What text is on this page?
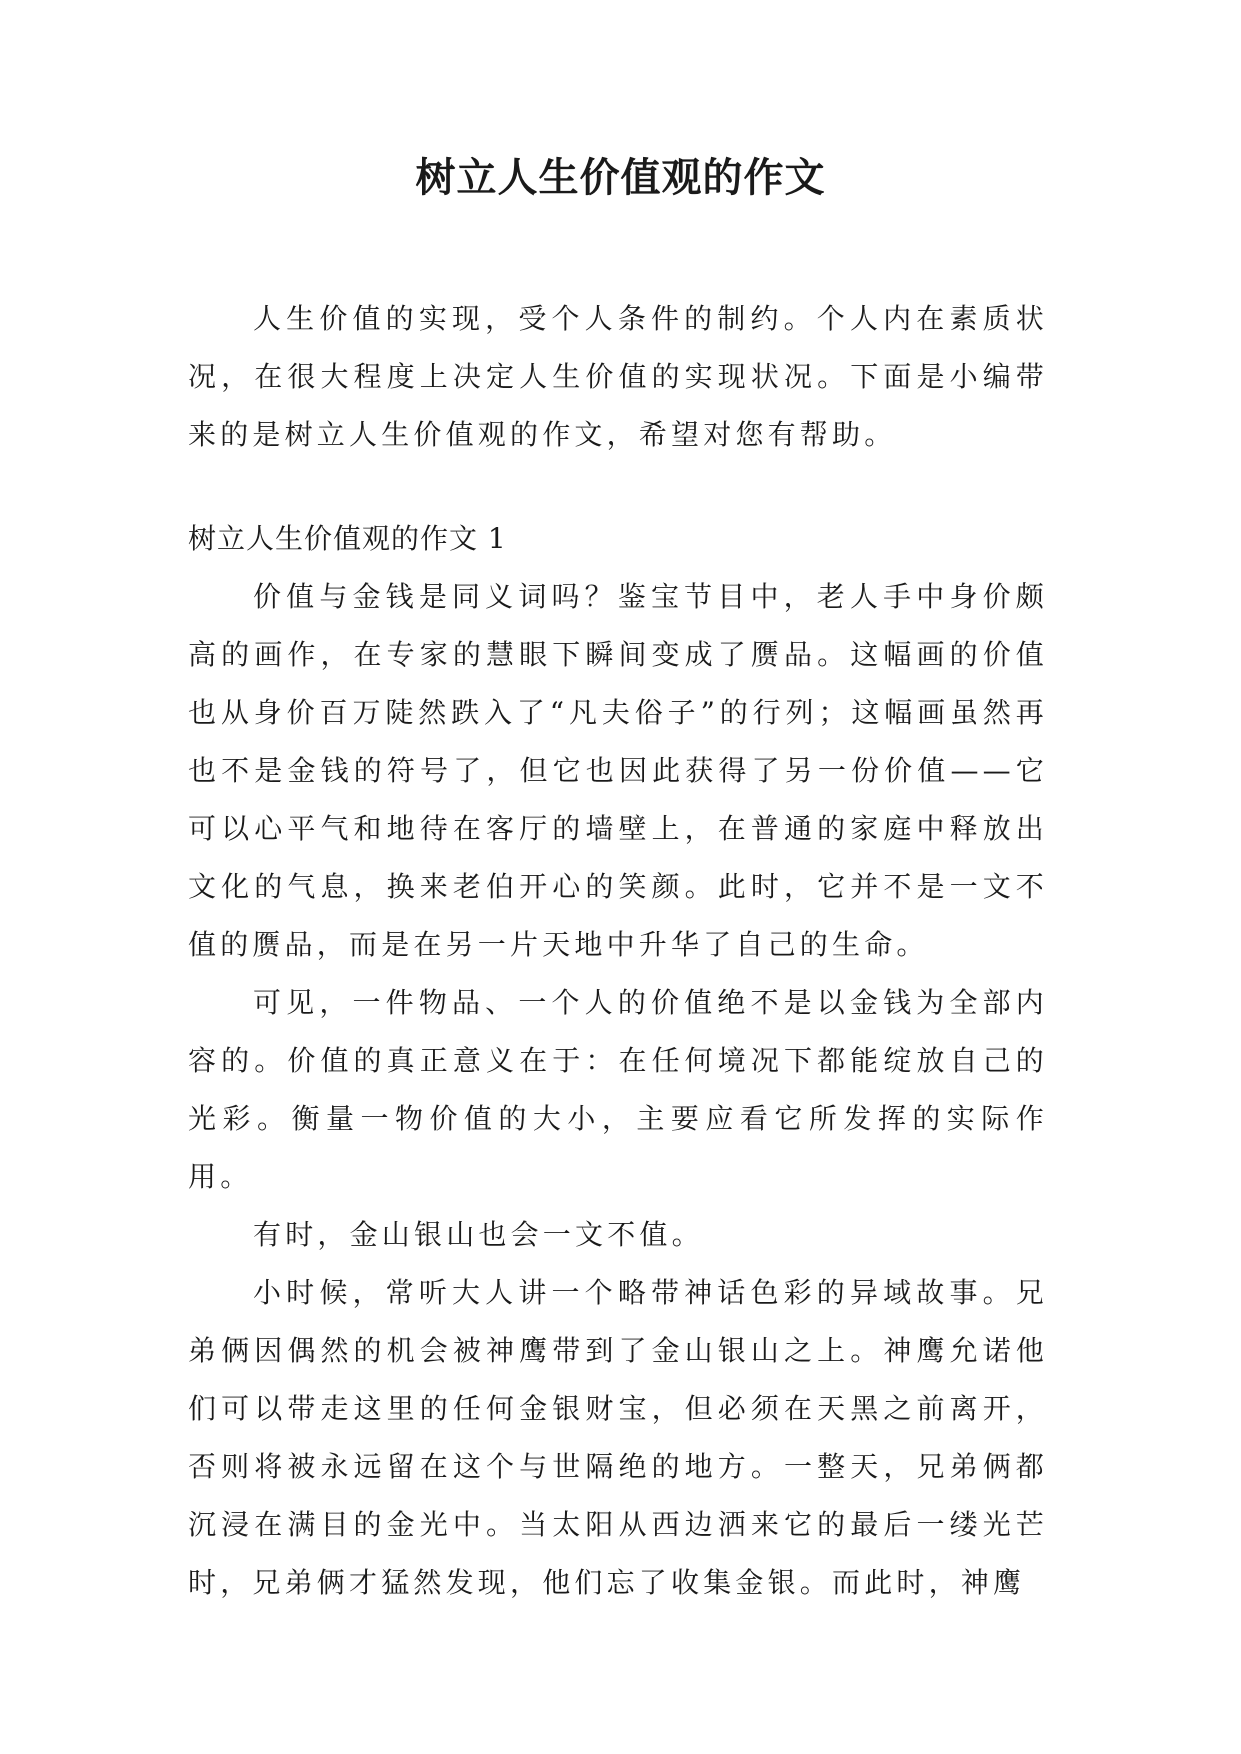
树立人生价值观的作文

人生价值的实现，受个人条件的制约。个人内在素质状况，在很大程度上决定人生价值的实现状况。下面是小编带来的是树立人生价值观的作文，希望对您有帮助。

树立人生价值观的作文 1

价值与金钱是同义词吗？鉴宝节目中，老人手中身价颇高的画作，在专家的慧眼下瞬间变成了赝品。这幅画的价值也从身价百万陡然跌入了“凡夫俗子”的行列；这幅画虽然再也不是金钱的符号了，但它也因此获得了另一份价值——它可以心平气和地待在客厅的墙壁上，在普通的家庭中释放出文化的气息，换来老伯开心的笑颜。此时，它并不是一文不值的赝品，而是在另一片天地中升华了自己的生命。

可见，一件物品、一个人的价值绝不是以金钱为全部内容的。价值的真正意义在于：在任何境况下都能绽放自己的光彩。衡量一物价值的大小，主要应看它所发挥的实际作用。

有时，金山银山也会一文不值。

小时候，常听大人讲一个略带神话色彩的异域故事。兄弟俩因偶然的机会被神鹰带到了金山银山之上。神鹰允诺他们可以带走这里的任何金银财宝，但必须在天黑之前离开，否则将被永远留在这个与世隔绝的地方。一整天，兄弟俩都沉浸在满目的金光中。当太阳从西边洒来它的最后一缕光芒时，兄弟俩才猛然发现，他们忘了收集金银。而此时，神鹰
